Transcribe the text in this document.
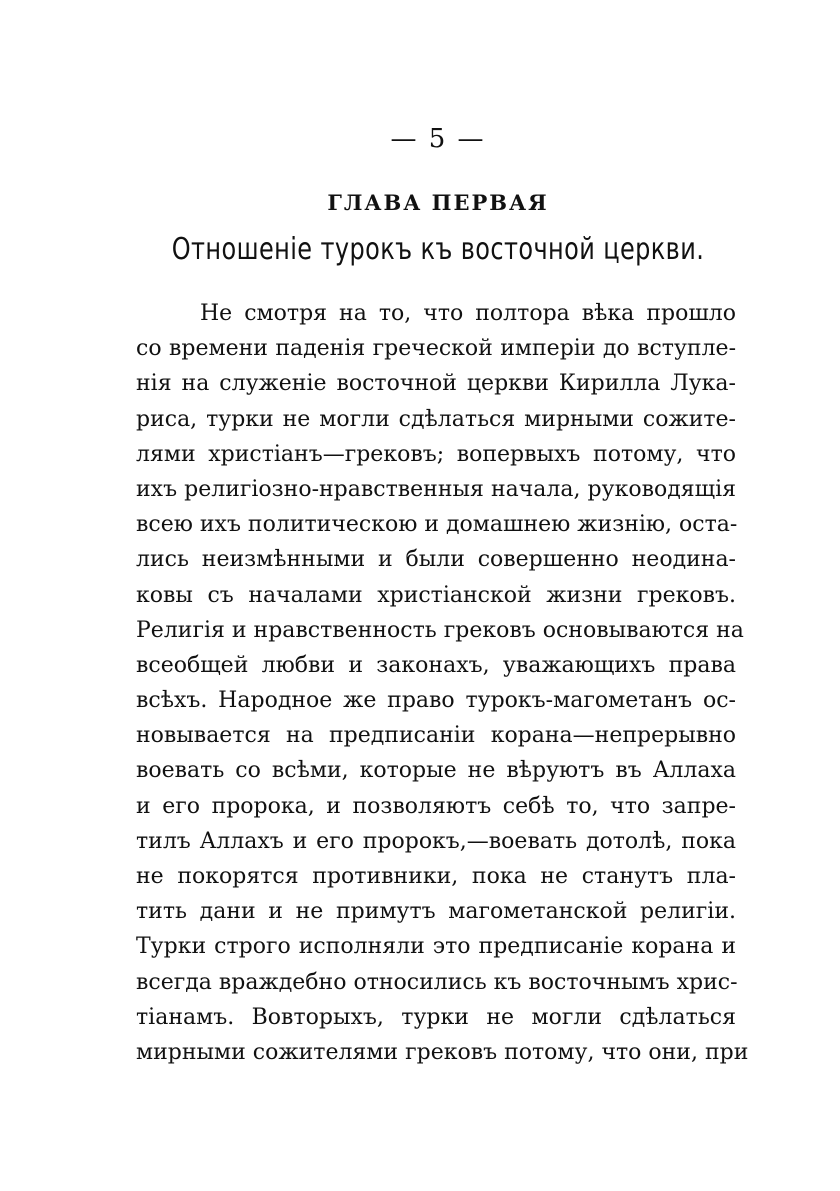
— 5 —
ГЛАВА ПЕРВАЯ
Отношеніе турокъ къ восточной церкви.
Не смотря на то, что полтора вѣка прошло
со времени паденія греческой имперіи до вступле-
нія на служеніе восточной церкви Кирилла Лука-
риса, турки не могли сдѣлаться мирными сожите-
лями христіанъ—грековъ; вопервыхъ потому, что
ихъ религіозно-нравственныя начала, руководящія
всею ихъ политическою и домашнею жизнію, оста-
лись неизмѣнными и были совершенно неодина-
ковы съ началами христіанской жизни грековъ.
Религія и нравственность грековъ основываются на
всеобщей любви и законахъ, уважающихъ права
всѣхъ. Народное же право турокъ-магометанъ ос-
новывается на предписаніи корана—непрерывно
воевать со всѣми, которые не вѣруютъ въ Аллаха
и его пророка, и позволяютъ себѣ то, что запре-
тилъ Аллахъ и его пророкъ,—воевать дотолѣ, пока
не покорятся противники, пока не станутъ пла-
тить дани и не примутъ магометанской религіи.
Турки строго исполняли это предписаніе корана и
всегда враждебно относились къ восточнымъ хрис-
тіанамъ. Вовторыхъ, турки не могли сдѣлаться
мирными сожителями грековъ потому, что они, при
